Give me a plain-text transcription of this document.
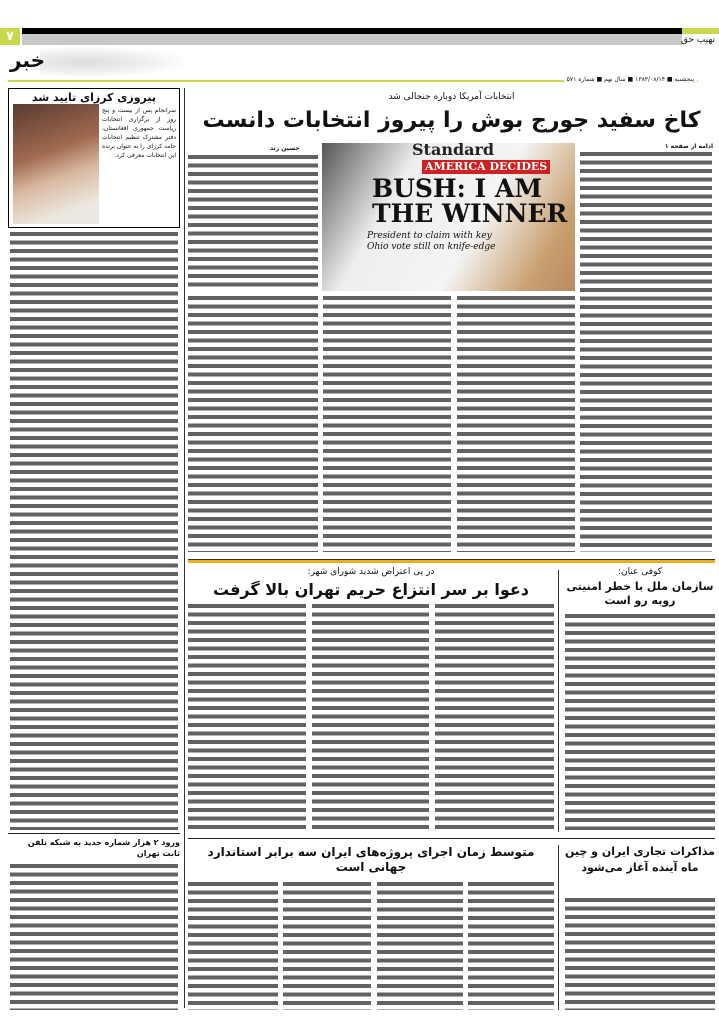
۷	نهیب حق
خبر
پنجشنبه ■ ۱۳۸۳/۰۸/۱۴ ■ سال نهم ■ شماره ۵۷۱
پیروزی کرزای تایید شد
سرانجام پس از بیست و پنج روز از برگزاری انتخابات ریاست جمهوری افغانستان، دفتر مشترک تنظیم انتخابات حامد کرزای را به عنوان برنده این انتخابات معرفی کرد.
ورود ۲ هزار شماره جدید به شبکه تلفن ثابت تهران
انتخابات آمریکا دوباره جنجالی شد
کاخ سفید جورج بوش را پیروز انتخابات دانست
ادامه از صفحه ۱
Standard
AMERICA DECIDES
BUSH: I AM THE WINNER
President to claim with key Ohio vote still on knife-edge
حسین زند
کوفی عنان:
سازمان ملل با خطر امنیتی روبه رو است
در پی اعتراض شدید شورای شهر:
دعوا بر سر انتزاع حریم تهران بالا گرفت
مذاکرات تجاری ایران و چین ماه آینده آغاز می‌شود
متوسط زمان اجرای پروژه‌های ایران سه برابر استاندارد جهانی است
